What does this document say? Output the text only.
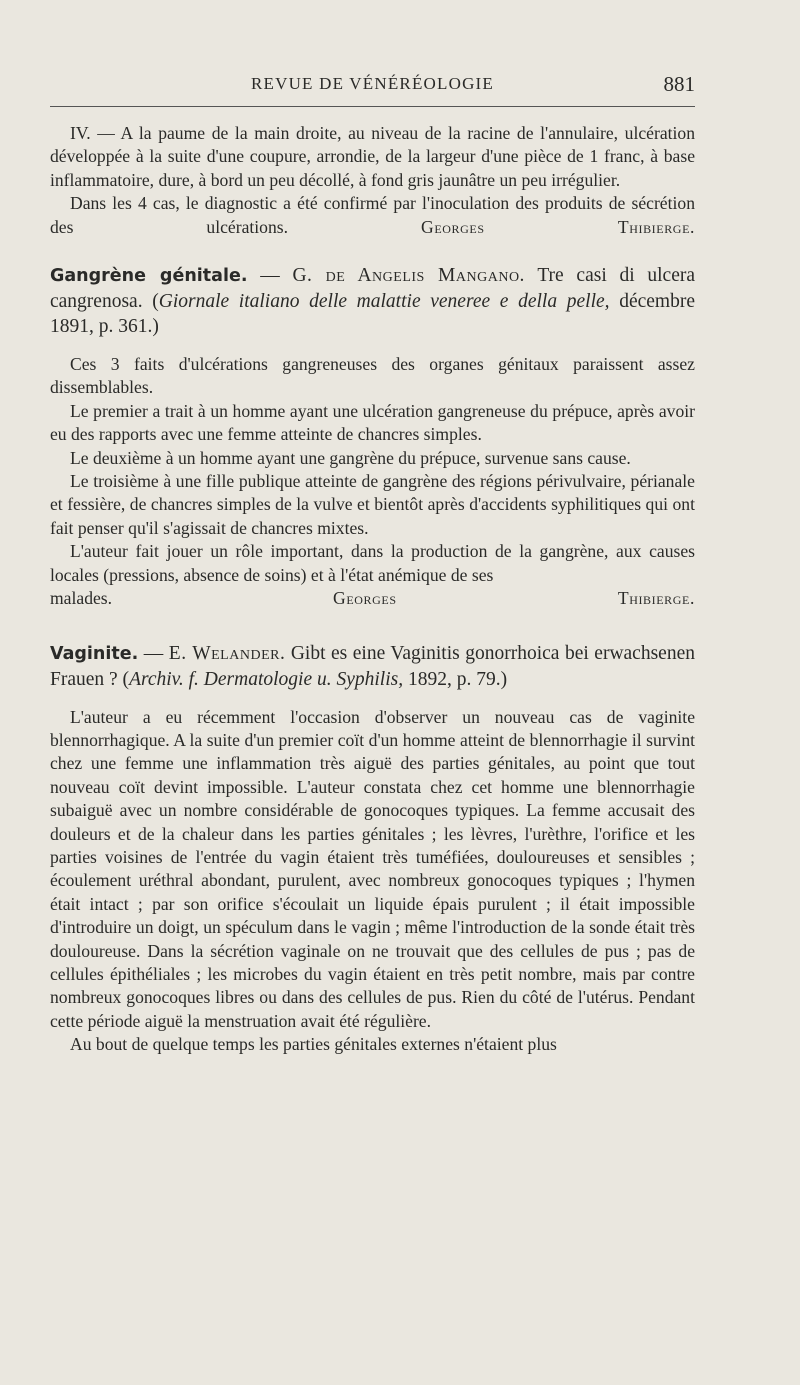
REVUE DE VÉNÉRÉOLOGIE	881

IV. — A la paume de la main droite, au niveau de la racine de l'annulaire, ulcération développée à la suite d'une coupure, arrondie, de la largeur d'une pièce de 1 franc, à base inflammatoire, dure, à bord un peu décollé, à fond gris jaunâtre un peu irrégulier.

Dans les 4 cas, le diagnostic a été confirmé par l'inoculation des produits de sécrétion des ulcérations.	Georges Thibierge.

Gangrène génitale. — G. de Angelis Mangano. Tre casi di ulcera cangrenosa. (Giornale italiano delle malattie veneree e della pelle, décembre 1891, p. 361.)

Ces 3 faits d'ulcérations gangreneuses des organes génitaux paraissent assez dissemblables.

Le premier a trait à un homme ayant une ulcération gangreneuse du prépuce, après avoir eu des rapports avec une femme atteinte de chancres simples.

Le deuxième à un homme ayant une gangrène du prépuce, survenue sans cause.

Le troisième à une fille publique atteinte de gangrène des régions périvulvaire, périanale et fessière, de chancres simples de la vulve et bientôt après d'accidents syphilitiques qui ont fait penser qu'il s'agissait de chancres mixtes.

L'auteur fait jouer un rôle important, dans la production de la gangrène, aux causes locales (pressions, absence de soins) et à l'état anémique de ses

malades.	Georges Thibierge.

Vaginite. — E. Welander. Gibt es eine Vaginitis gonorrhoica bei erwachsenen Frauen ? (Archiv. f. Dermatologie u. Syphilis, 1892, p. 79.)

L'auteur a eu récemment l'occasion d'observer un nouveau cas de vaginite blennorrhagique. A la suite d'un premier coït d'un homme atteint de blennorrhagie il survint chez une femme une inflammation très aiguë des parties génitales, au point que tout nouveau coït devint impossible. L'auteur constata chez cet homme une blennorrhagie subaiguë avec un nombre considérable de gonocoques typiques. La femme accusait des douleurs et de la chaleur dans les parties génitales ; les lèvres, l'urèthre, l'orifice et les parties voisines de l'entrée du vagin étaient très tuméfiées, douloureuses et sensibles ; écoulement uréthral abondant, purulent, avec nombreux gonocoques typiques ; l'hymen était intact ; par son orifice s'écoulait un liquide épais purulent ; il était impossible d'introduire un doigt, un spéculum dans le vagin ; même l'introduction de la sonde était très douloureuse. Dans la sécrétion vaginale on ne trouvait que des cellules de pus ; pas de cellules épithéliales ; les microbes du vagin étaient en très petit nombre, mais par contre nombreux gonocoques libres ou dans des cellules de pus. Rien du côté de l'utérus. Pendant cette période aiguë la menstruation avait été régulière.

Au bout de quelque temps les parties génitales externes n'étaient plus
